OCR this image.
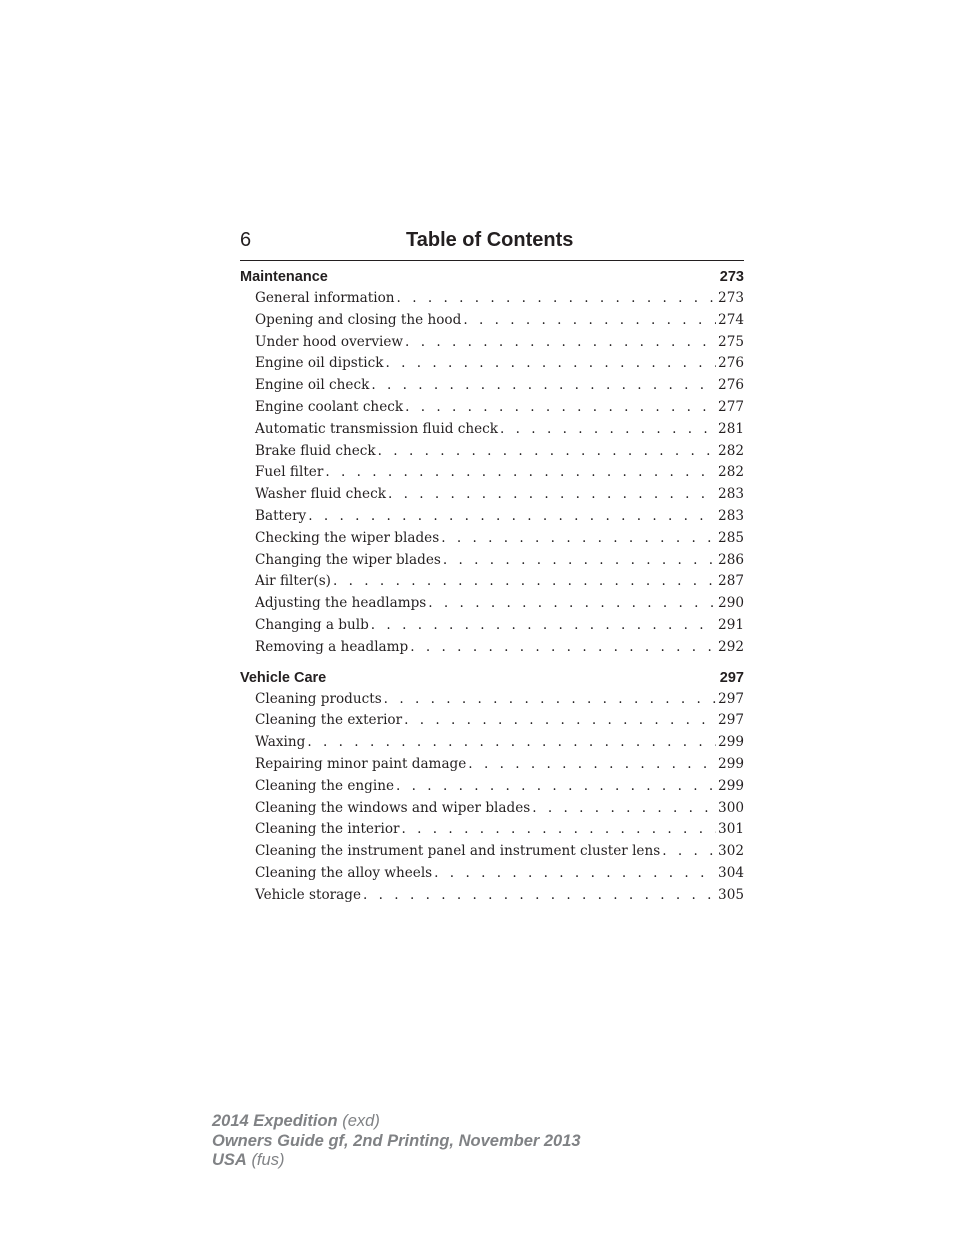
6	Table of Contents
Maintenance	273
General information . . .	273
Opening and closing the hood . . .	274
Under hood overview . . .	275
Engine oil dipstick . . .	276
Engine oil check . . .	276
Engine coolant check . . .	277
Automatic transmission fluid check . . .	281
Brake fluid check . . .	282
Fuel filter . . .	282
Washer fluid check . . .	283
Battery . . .	283
Checking the wiper blades . . .	285
Changing the wiper blades . . .	286
Air filter(s) . . .	287
Adjusting the headlamps . . .	290
Changing a bulb . . .	291
Removing a headlamp . . .	292
Vehicle Care	297
Cleaning products . . .	297
Cleaning the exterior . . .	297
Waxing . . .	299
Repairing minor paint damage . . .	299
Cleaning the engine . . .	299
Cleaning the windows and wiper blades . . .	300
Cleaning the interior . . .	301
Cleaning the instrument panel and instrument cluster lens . . .	302
Cleaning the alloy wheels . . .	304
Vehicle storage . . .	305
2014 Expedition (exd)
Owners Guide gf, 2nd Printing, November 2013
USA (fus)
